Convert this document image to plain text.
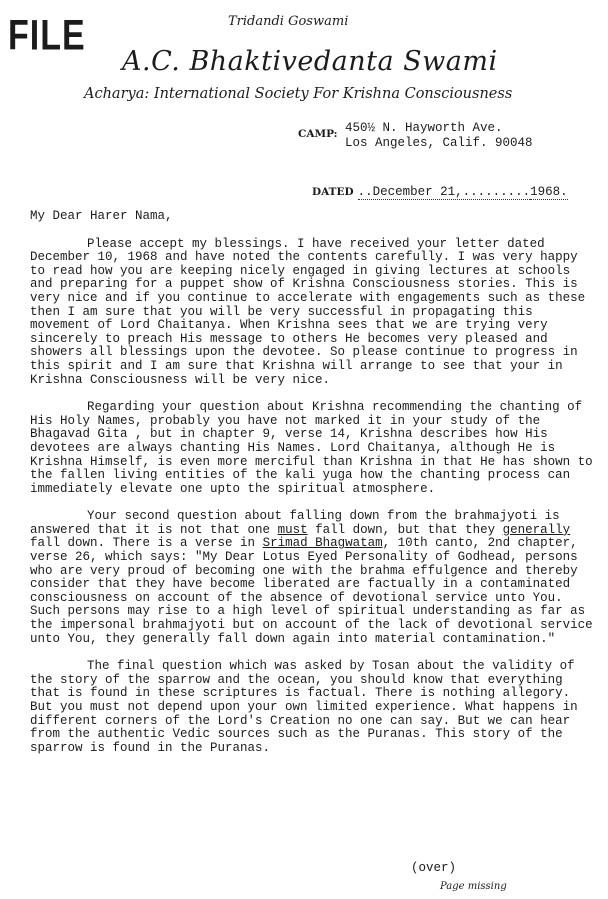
FILE	Tridandi Goswami
A.C. Bhaktivedanta Swami
Acharya: International Society For Krishna Consciousness
CAMP: 450½ N. Hayworth Ave.
Los Angeles, Calif. 90048
DATED ..December 21,.........1968.

My Dear Harer Nama,

Please accept my blessings. I have received your letter dated December 10, 1968 and have noted the contents carefully. I was very happy to read how you are keeping nicely engaged in giving lectures at schools and preparing for a puppet show of Krishna Consciousness stories. This is very nice and if you continue to accelerate with engagements such as these then I am sure that you will be very successful in propagating this movement of Lord Chaitanya. When Krishna sees that we are trying very sincerely to preach His message to others He becomes very pleased and showers all blessings upon the devotee. So please continue to progress in this spirit and I am sure that Krishna will arrange to see that your in Krishna Consciousness will be very nice.

Regarding your question about Krishna recommending the chanting of His Holy Names, probably you have not marked it in your study of the Bhagavad Gita , but in chapter 9, verse 14, Krishna describes how His devotees are always chanting His Names. Lord Chaitanya, although He is Krishna Himself, is even more merciful than Krishna in that He has shown to the fallen living entities of the kali yuga how the chanting process can immediately elevate one upto the spiritual atmosphere.

Your second question about falling down from the brahmajyoti is answered that it is not that one must fall down, but that they generally fall down. There is a verse in Srimad Bhagwatam, 10th canto, 2nd chapter, verse 26, which says: "My Dear Lotus Eyed Personality of Godhead, persons who are very proud of becoming one with the brahma effulgence and thereby consider that they have become liberated are factually in a contaminated consciousness on account of the absence of devotional service unto You. Such persons may rise to a high level of spiritual understanding as far as the impersonal brahmajyoti but on account of the lack of devotional service unto You, they generally fall down again into material contamination."

The final question which was asked by Tosan about the validity of the story of the sparrow and the ocean, you should know that everything that is found in these scriptures is factual. There is nothing allegory. But you must not depend upon your own limited experience. What happens in different corners of the Lord's Creation no one can say. But we can hear from the authentic Vedic sources such as the Puranas. This story of the sparrow is found in the Puranas.

(over)
Page missing
